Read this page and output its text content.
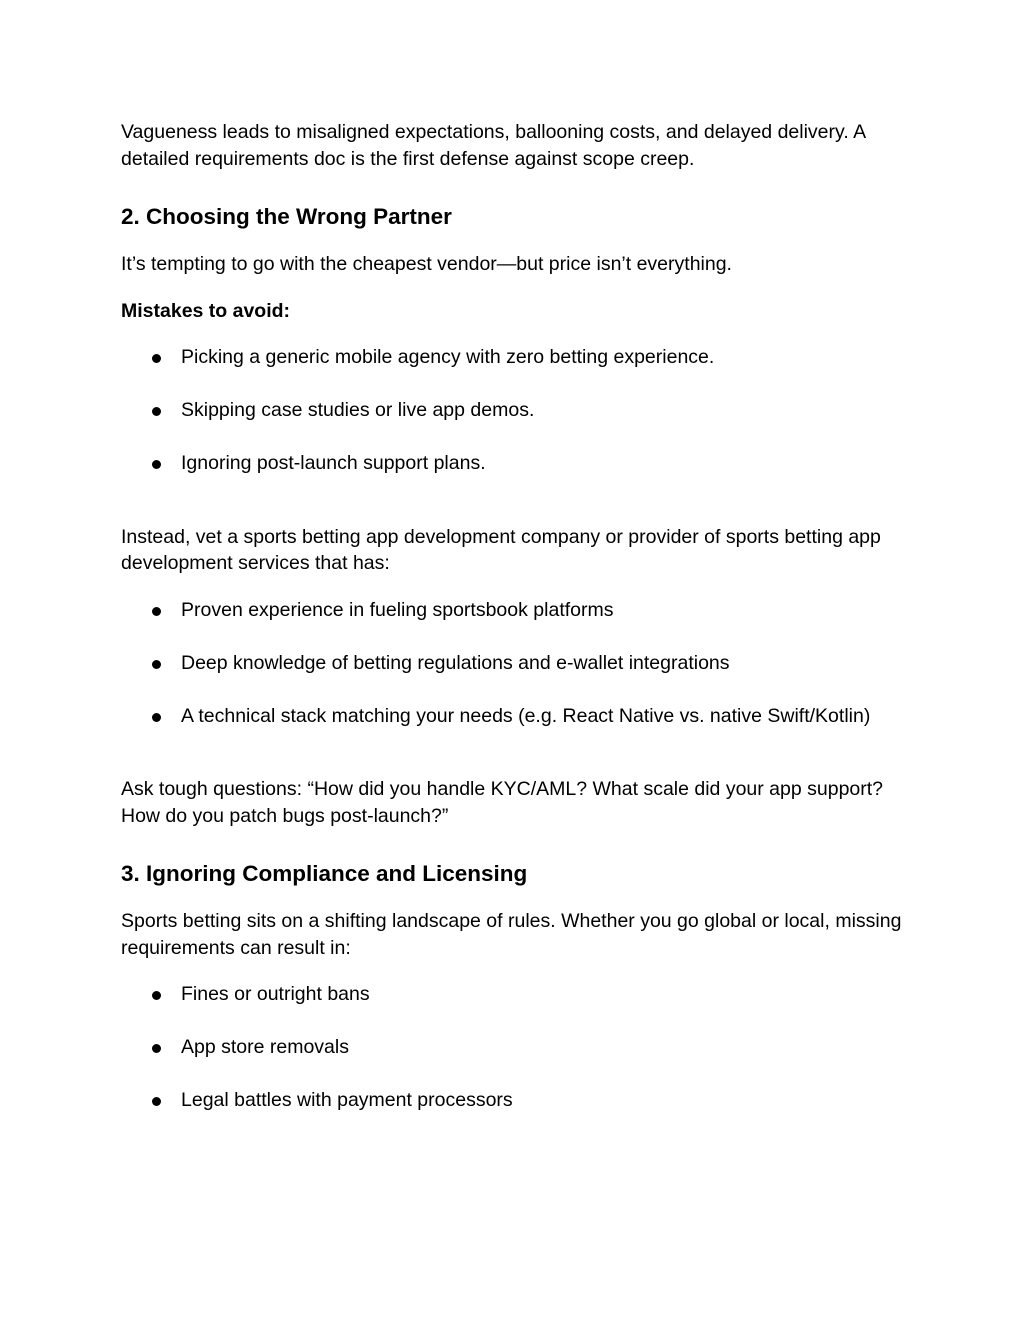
Vagueness leads to misaligned expectations, ballooning costs, and delayed delivery. A detailed requirements doc is the first defense against scope creep.

2. Choosing the Wrong Partner

It’s tempting to go with the cheapest vendor—but price isn’t everything.

Mistakes to avoid:

Picking a generic mobile agency with zero betting experience.
Skipping case studies or live app demos.
Ignoring post-launch support plans.

Instead, vet a sports betting app development company or provider of sports betting app development services that has:

Proven experience in fueling sportsbook platforms
Deep knowledge of betting regulations and e‑wallet integrations
A technical stack matching your needs (e.g. React Native vs. native Swift/Kotlin)

Ask tough questions: “How did you handle KYC/AML? What scale did your app support? How do you patch bugs post-launch?”

3. Ignoring Compliance and Licensing

Sports betting sits on a shifting landscape of rules. Whether you go global or local, missing requirements can result in:

Fines or outright bans
App store removals
Legal battles with payment processors
